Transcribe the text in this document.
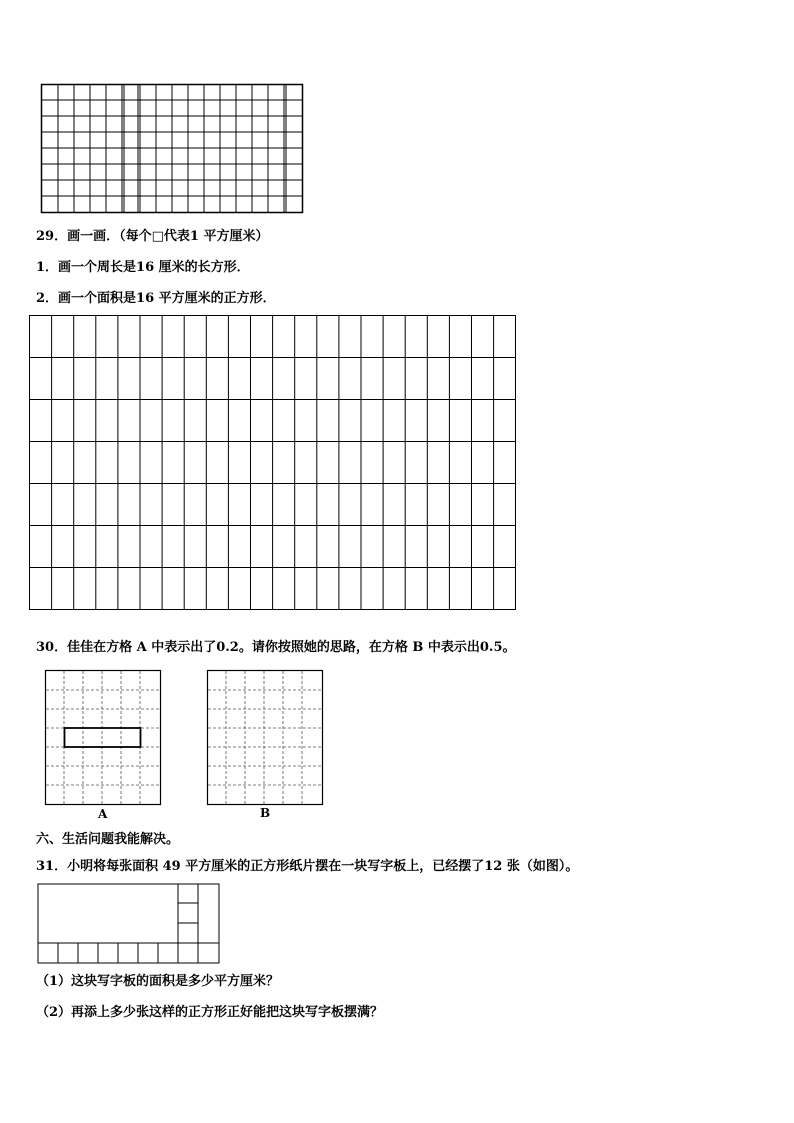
29．画一画．（每个□代表1 平方厘米）
1．画一个周长是16 厘米的长方形．
2．画一个面积是16 平方厘米的正方形．
30．佳佳在方格 A 中表示出了0.2。请你按照她的思路，在方格 B 中表示出0.5。
A	B
六、生活问题我能解决。
31．小明将每张面积 49 平方厘米的正方形纸片摆在一块写字板上，已经摆了12 张（如图）。
（1）这块写字板的面积是多少平方厘米？
（2）再添上多少张这样的正方形正好能把这块写字板摆满？
